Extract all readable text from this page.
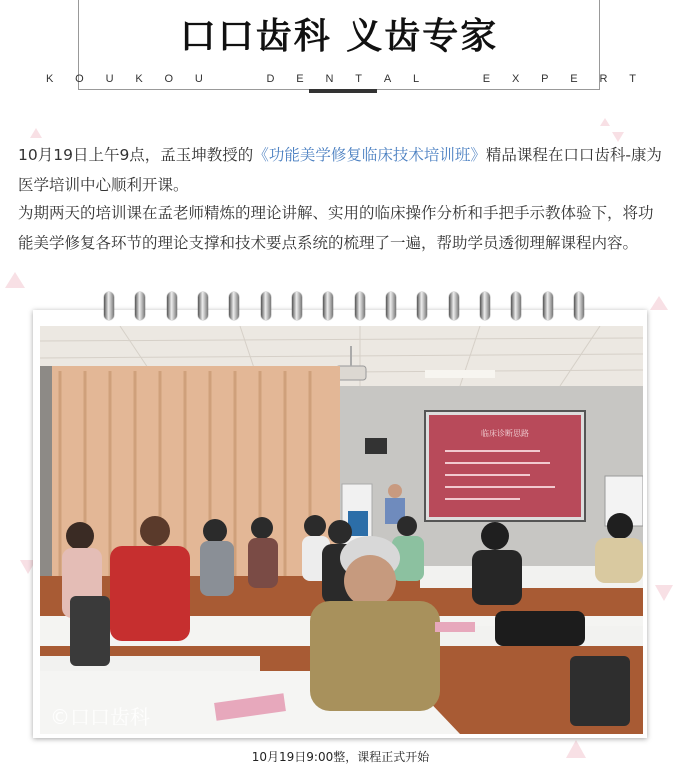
口口齿科 义齿专家
K O U K O U	D E N T A L	E X P E R T
10月19日上午9点，孟玉坤教授的《功能美学修复临床技术培训班》精品课程在口口齿科-康为医学培训中心顺利开课。
为期两天的培训课在孟老师精炼的理论讲解、实用的临床操作分析和手把手示教体验下，将功能美学修复各环节的理论支撑和技术要点系统的梳理了一遍，帮助学员透彻理解课程内容。
临床诊断思路
©口口齿科
10月19日9:00整，课程正式开始
